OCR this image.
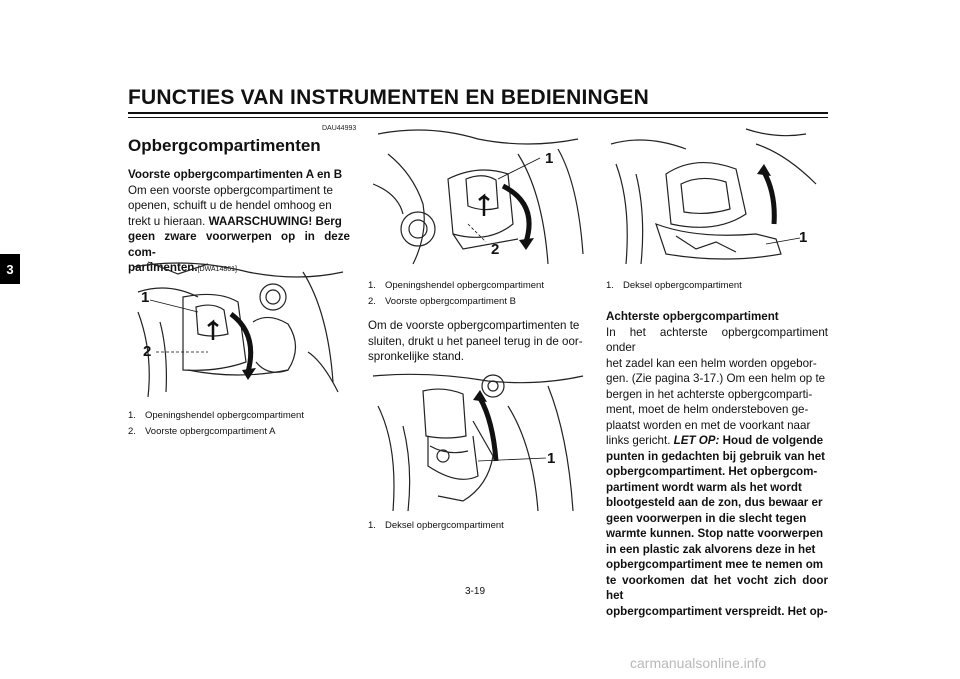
FUNCTIES VAN INSTRUMENTEN EN BEDIENINGEN
3
DAU44993
Opbergcompartimenten
Voorste opbergcompartimenten A en B
Om een voorste opbergcompartiment te
openen, schuift u de hendel omhoog en
trekt u hieraan. WAARSCHUWING! Berg
geen zware voorwerpen op in deze com-
partimenten.[DWA14861]
1
2
1. Openingshendel opbergcompartiment
2. Voorste opbergcompartiment A
1
2
1. Openingshendel opbergcompartiment
2. Voorste opbergcompartiment B
Om de voorste opbergcompartimenten te
sluiten, drukt u het paneel terug in de oor-
spronkelijke stand.
1
1. Deksel opbergcompartiment
1
1. Deksel opbergcompartiment
Achterste opbergcompartiment
In het achterste opbergcompartiment onder
het zadel kan een helm worden opgebor-
gen. (Zie pagina 3-17.) Om een helm op te
bergen in het achterste opbergcomparti-
ment, moet de helm ondersteboven ge-
plaatst worden en met de voorkant naar
links gericht. LET OP: Houd de volgende
punten in gedachten bij gebruik van het
opbergcompartiment. Het opbergcom-
partiment wordt warm als het wordt
blootgesteld aan de zon, dus bewaar er
geen voorwerpen in die slecht tegen
warmte kunnen. Stop natte voorwerpen
in een plastic zak alvorens deze in het
opbergcompartiment mee te nemen om
te voorkomen dat het vocht zich door het
opbergcompartiment verspreidt. Het op-
3-19
carmanualsonline.info
